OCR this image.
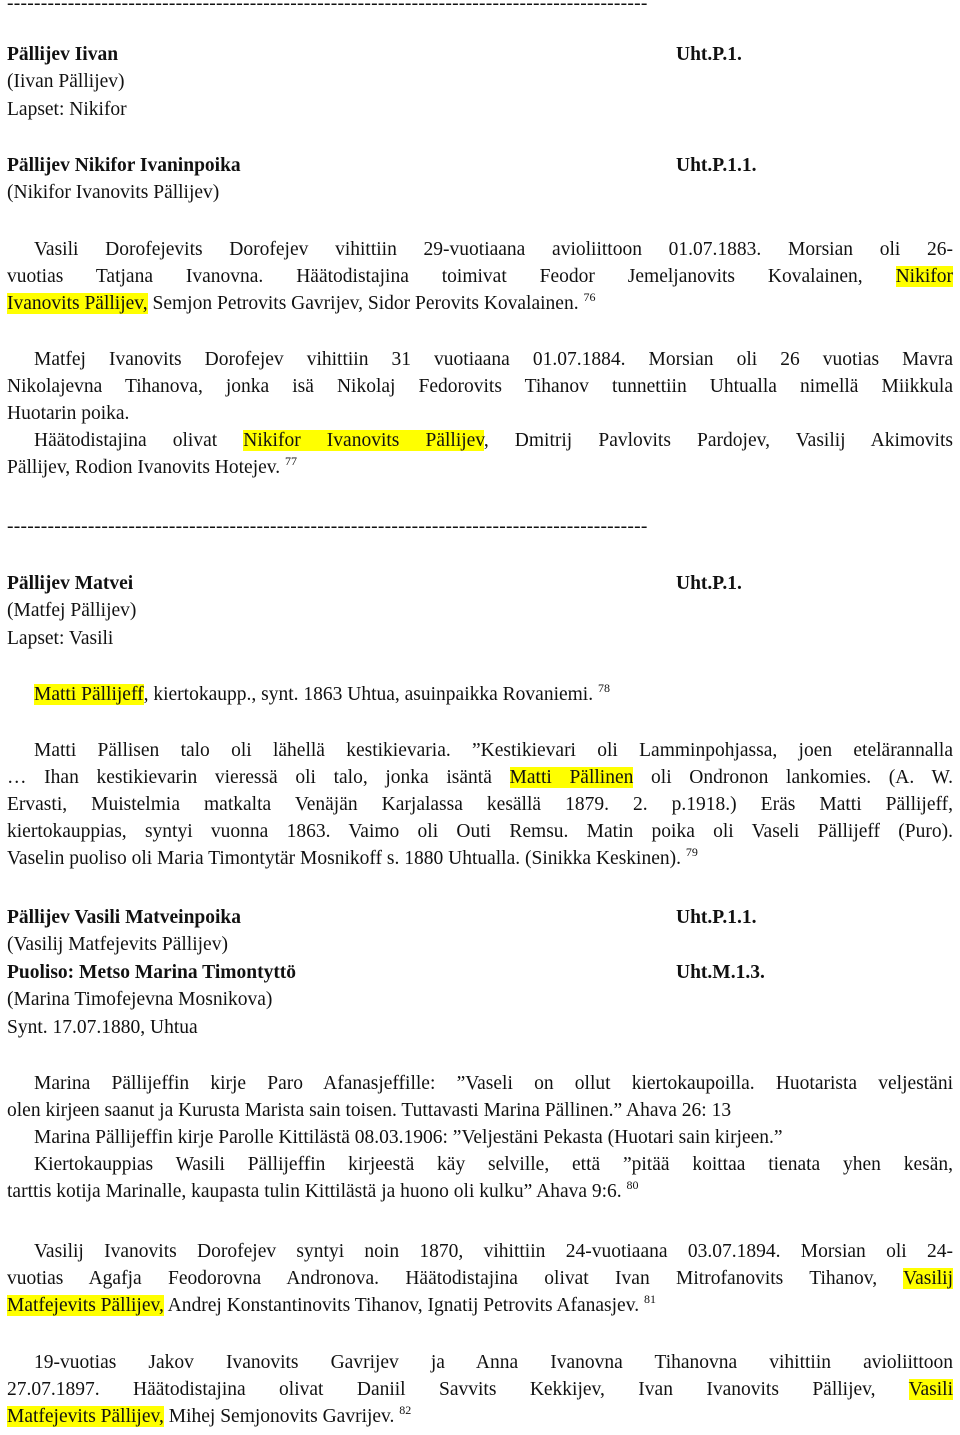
-----------------------------------------------------------------------------------------------
Pällijev Iivan	Uht.P.1.
(Iivan Pällijev)
Lapset: Nikifor
Pällijev Nikifor Ivaninpoika	Uht.P.1.1.
(Nikifor Ivanovits Pällijev)
Vasili Dorofejevits Dorofejev vihittiin 29-vuotiaana avioliittoon 01.07.1883. Morsian oli 26-
vuotias Tatjana Ivanovna. Häätodistajina toimivat Feodor Jemeljanovits Kovalainen, Nikifor
Ivanovits Pällijev, Semjon Petrovits Gavrijev, Sidor Perovits Kovalainen. $^{76}$
Matfej Ivanovits Dorofejev vihittiin 31 vuotiaana 01.07.1884. Morsian oli 26 vuotias Mavra
Nikolajevna Tihanova, jonka isä Nikolaj Fedorovits Tihanov tunnettiin Uhtualla nimellä Miikkula
Huotarin poika.
Häätodistajina olivat Nikifor Ivanovits Pällijev, Dmitrij Pavlovits Pardojev, Vasilij Akimovits
Pällijev, Rodion Ivanovits Hotejev. $^{77}$
-----------------------------------------------------------------------------------------------
Pällijev Matvei	Uht.P.1.
(Matfej Pällijev)
Lapset: Vasili
Matti Pällijeff, kiertokaupp., synt. 1863 Uhtua, asuinpaikka Rovaniemi. $^{78}$
Matti Pällisen talo oli lähellä kestikievaria. ”Kestikievari oli Lamminpohjassa, joen etelärannalla
… Ihan kestikievarin vieressä oli talo, jonka isäntä Matti Pällinen oli Ondronon lankomies. (A. W.
Ervasti, Muistelmia matkalta Venäjän Karjalassa kesällä 1879. 2. p.1918.) Eräs Matti Pällijeff,
kiertokauppias, syntyi vuonna 1863. Vaimo oli Outi Remsu. Matin poika oli Vaseli Pällijeff (Puro).
Vaselin puoliso oli Maria Timontytär Mosnikoff s. 1880 Uhtualla. (Sinikka Keskinen). $^{79}$
Pällijev Vasili Matveinpoika	Uht.P.1.1.
(Vasilij Matfejevits Pällijev)
Puoliso: Metso Marina Timontyttö	Uht.M.1.3.
(Marina Timofejevna Mosnikova)
Synt. 17.07.1880, Uhtua
Marina Pällijeffin kirje Paro Afanasjeffille: ”Vaseli on ollut kiertokaupoilla. Huotarista veljestäni
olen kirjeen saanut ja Kurusta Marista sain toisen. Tuttavasti Marina Pällinen.” Ahava 26: 13
Marina Pällijeffin kirje Parolle Kittilästä 08.03.1906: ”Veljestäni Pekasta (Huotari sain kirjeen.”
Kiertokauppias Wasili Pällijeffin kirjeestä käy selville, että ”pitää koittaa tienata yhen kesän,
tarttis kotija Marinalle, kaupasta tulin Kittilästä ja huono oli kulku” Ahava 9:6. $^{80}$
Vasilij Ivanovits Dorofejev syntyi noin 1870, vihittiin 24-vuotiaana 03.07.1894. Morsian oli 24-
vuotias Agafja Feodorovna Andronova. Häätodistajina olivat Ivan Mitrofanovits Tihanov, Vasilij
Matfejevits Pällijev, Andrej Konstantinovits Tihanov, Ignatij Petrovits Afanasjev. $^{81}$
19-vuotias Jakov Ivanovits Gavrijev ja Anna Ivanovna Tihanovna vihittiin avioliittoon
27.07.1897. Häätodistajina olivat Daniil Savvits Kekkijev, Ivan Ivanovits Pällijev, Vasili
Matfejevits Pällijev, Mihej Semjonovits Gavrijev. $^{82}$
